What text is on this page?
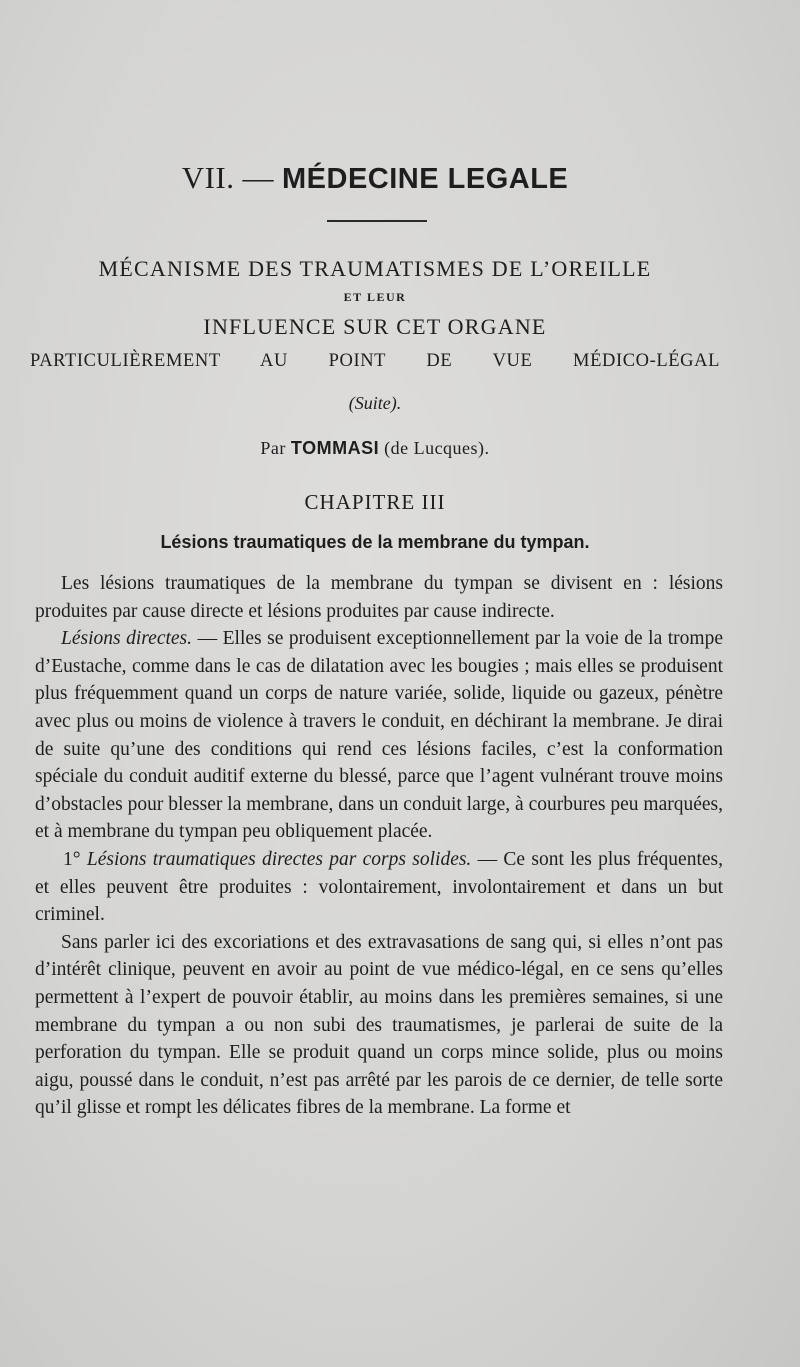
VII. — MÉDECINE LEGALE
MÉCANISME DES TRAUMATISMES DE L’OREILLE
ET LEUR
INFLUENCE SUR CET ORGANE
PARTICULIÈREMENT AU POINT DE VUE MÉDICO-LÉGAL
(Suite).
Par TOMMASI (de Lucques).
CHAPITRE III
Lésions traumatiques de la membrane du tympan.

Les lésions traumatiques de la membrane du tympan se divisent en : lésions produites par cause directe et lésions produites par cause indirecte.

Lésions directes. — Elles se produisent exceptionnellement par la voie de la trompe d’Eustache, comme dans le cas de dilatation avec les bougies ; mais elles se produisent plus fréquemment quand un corps de nature variée, solide, liquide ou gazeux, pénètre avec plus ou moins de violence à travers le conduit, en déchirant la membrane. Je dirai de suite qu’une des conditions qui rend ces lésions faciles, c’est la conformation spéciale du conduit auditif externe du blessé, parce que l’agent vulnérant trouve moins d’obstacles pour blesser la membrane, dans un conduit large, à courbures peu marquées, et à membrane du tympan peu obliquement placée.

1° Lésions traumatiques directes par corps solides. — Ce sont les plus fréquentes, et elles peuvent être produites : volontairement, involontairement et dans un but criminel.

Sans parler ici des excoriations et des extravasations de sang qui, si elles n’ont pas d’intérêt clinique, peuvent en avoir au point de vue médico-légal, en ce sens qu’elles permettent à l’expert de pouvoir établir, au moins dans les premières semaines, si une membrane du tympan a ou non subi des traumatismes, je parlerai de suite de la perforation du tympan. Elle se produit quand un corps mince solide, plus ou moins aigu, poussé dans le conduit, n’est pas arrêté par les parois de ce dernier, de telle sorte qu’il glisse et rompt les délicates fibres de la membrane. La forme et
